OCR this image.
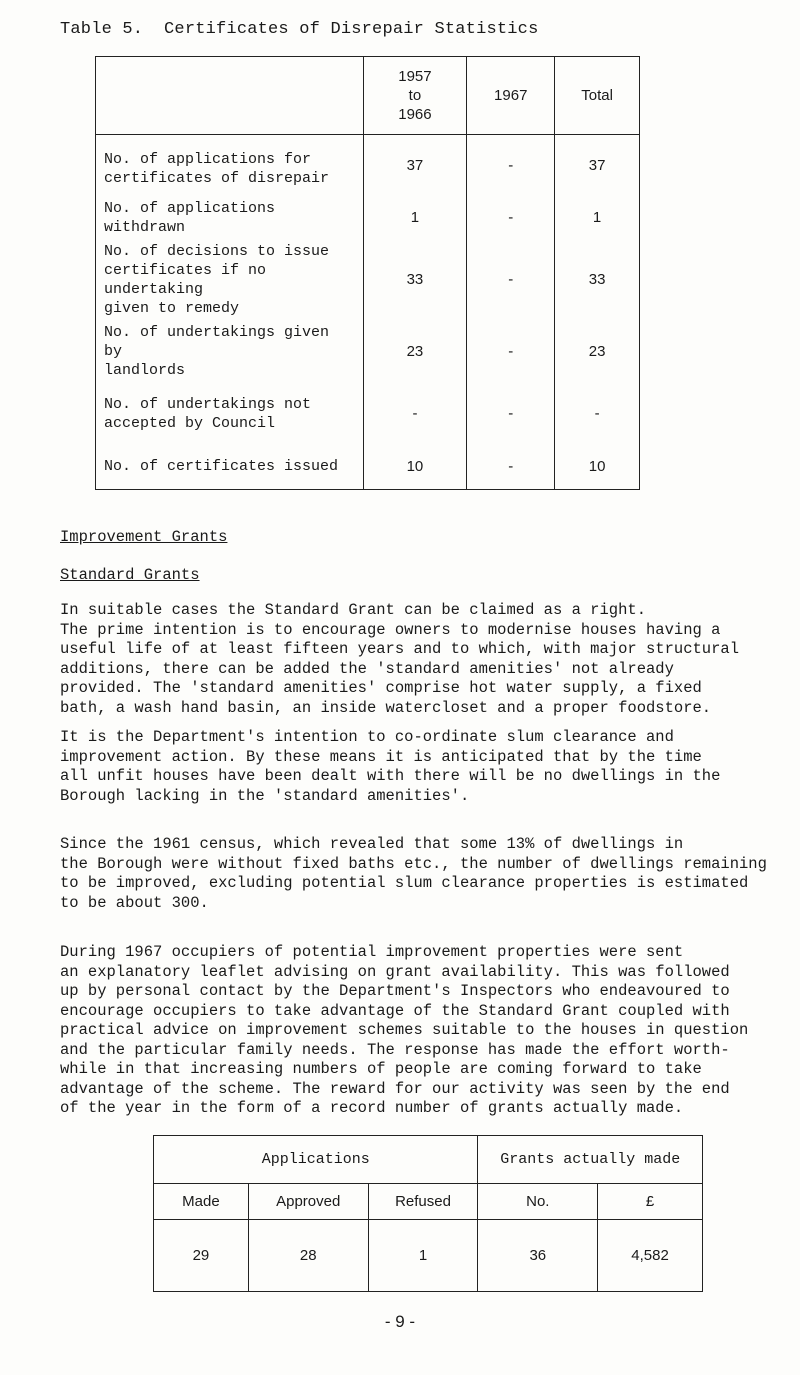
Table 5.  Certificates of Disrepair Statistics

	1957
to
1966	1967	Total

No. of applications for
certificates of disrepair	37	-	37

No. of applications withdrawn	1	-	1

No. of decisions to issue
certificates if no undertaking
given to remedy	33	-	33

No. of undertakings given by
landlords	23	-	23

No. of undertakings not
accepted by Council	-	-	-

No. of certificates issued	10	-	10
Improvement Grants
Standard Grants
In suitable cases the Standard Grant can be claimed as a right.
The prime intention is to encourage owners to modernise houses having a
useful life of at least fifteen years and to which, with major structural
additions, there can be added the 'standard amenities' not already
provided. The 'standard amenities' comprise hot water supply, a fixed
bath, a wash hand basin, an inside watercloset and a proper foodstore.
It is the Department's intention to co-ordinate slum clearance and
improvement action. By these means it is anticipated that by the time
all unfit houses have been dealt with there will be no dwellings in the
Borough lacking in the 'standard amenities'.
Since the 1961 census, which revealed that some 13% of dwellings in
the Borough were without fixed baths etc., the number of dwellings remaining
to be improved, excluding potential slum clearance properties is estimated
to be about 300.
During 1967 occupiers of potential improvement properties were sent
an explanatory leaflet advising on grant availability. This was followed
up by personal contact by the Department's Inspectors who endeavoured to
encourage occupiers to take advantage of the Standard Grant coupled with
practical advice on improvement schemes suitable to the houses in question
and the particular family needs. The response has made the effort worth-
while in that increasing numbers of people are coming forward to take
advantage of the scheme. The reward for our activity was seen by the end
of the year in the form of a record number of grants actually made.
Applications			Grants actually made	
Made	Approved	Refused	No.	£
29	28	1	36	4,582
- 9 -
